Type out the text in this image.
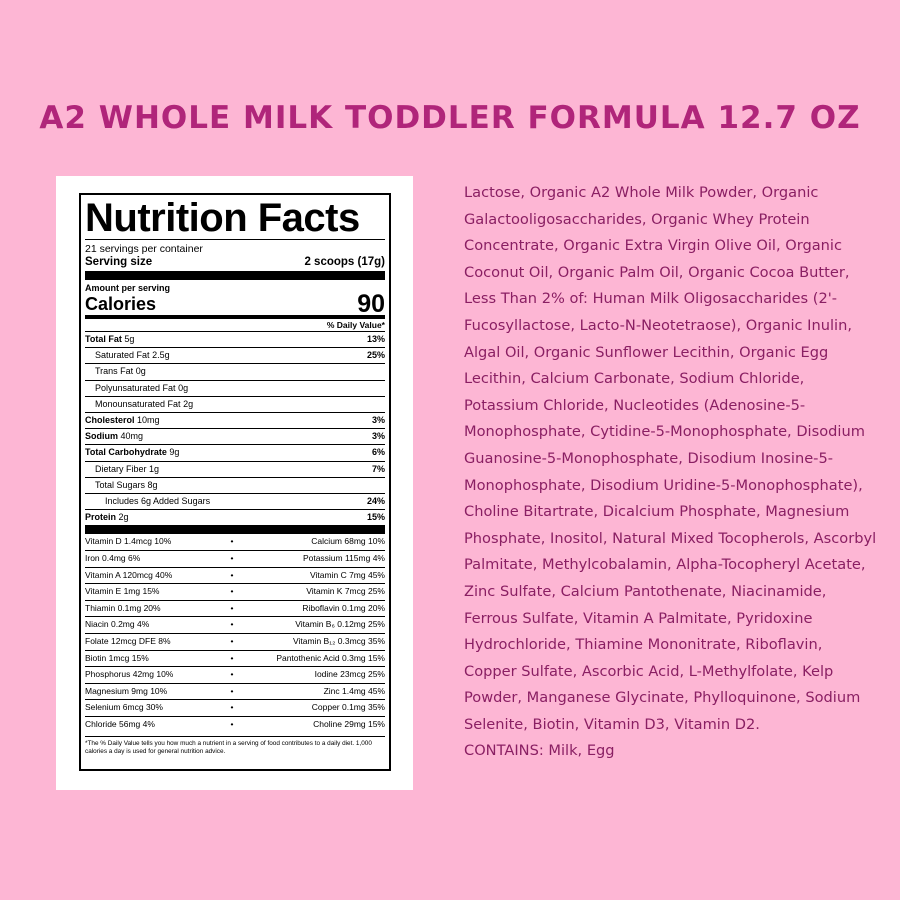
A2 WHOLE MILK TODDLER FORMULA 12.7 OZ
Nutrition Facts
21 servings per container
Serving size	2 scoops (17g)
Amount per serving
Calories	90
% Daily Value*
Total Fat 5g	13%
Saturated Fat 2.5g	25%
Trans Fat 0g
Polyunsaturated Fat 0g
Monounsaturated Fat 2g
Cholesterol 10mg	3%
Sodium 40mg	3%
Total Carbohydrate 9g	6%
Dietary Fiber 1g	7%
Total Sugars 8g
Includes 6g Added Sugars	24%
Protein 2g	15%
Vitamin D 1.4mcg 10%	•	Calcium 68mg 10%
Iron 0.4mg 6%	•	Potassium 115mg 4%
Vitamin A 120mcg 40%	•	Vitamin C 7mg 45%
Vitamin E 1mg 15%	•	Vitamin K 7mcg 25%
Thiamin 0.1mg 20%	•	Riboflavin 0.1mg 20%
Niacin 0.2mg 4%	•	Vitamin B₆ 0.12mg 25%
Folate 12mcg DFE 8%	•	Vitamin B₁₂ 0.3mcg 35%
Biotin 1mcg 15%	•	Pantothenic Acid 0.3mg 15%
Phosphorus 42mg 10%	•	Iodine 23mcg 25%
Magnesium 9mg 10%	•	Zinc 1.4mg 45%
Selenium 6mcg 30%	•	Copper 0.1mg 35%
Chloride 56mg 4%	•	Choline 29mg 15%
*The % Daily Value tells you how much a nutrient in a serving of food contributes to a daily diet. 1,000 calories a day is used for general nutrition advice.
Lactose, Organic A2 Whole Milk Powder, Organic Galactooligosaccharides, Organic Whey Protein Concentrate, Organic Extra Virgin Olive Oil, Organic Coconut Oil, Organic Palm Oil, Organic Cocoa Butter, Less Than 2% of: Human Milk Oligosaccharides (2'-Fucosyllactose, Lacto-N-Neotetraose), Organic Inulin, Algal Oil, Organic Sunflower Lecithin, Organic Egg Lecithin, Calcium Carbonate, Sodium Chloride, Potassium Chloride, Nucleotides (Adenosine-5-Monophosphate, Cytidine-5-Monophosphate, Disodium Guanosine-5-Monophosphate, Disodium Inosine-5-Monophosphate, Disodium Uridine-5-Monophosphate), Choline Bitartrate, Dicalcium Phosphate, Magnesium Phosphate, Inositol, Natural Mixed Tocopherols, Ascorbyl Palmitate, Methylcobalamin, Alpha-Tocopheryl Acetate, Zinc Sulfate, Calcium Pantothenate, Niacinamide, Ferrous Sulfate, Vitamin A Palmitate, Pyridoxine Hydrochloride, Thiamine Mononitrate, Riboflavin, Copper Sulfate, Ascorbic Acid, L-Methylfolate, Kelp Powder, Manganese Glycinate, Phylloquinone, Sodium Selenite, Biotin, Vitamin D3, Vitamin D2.
CONTAINS: Milk, Egg
